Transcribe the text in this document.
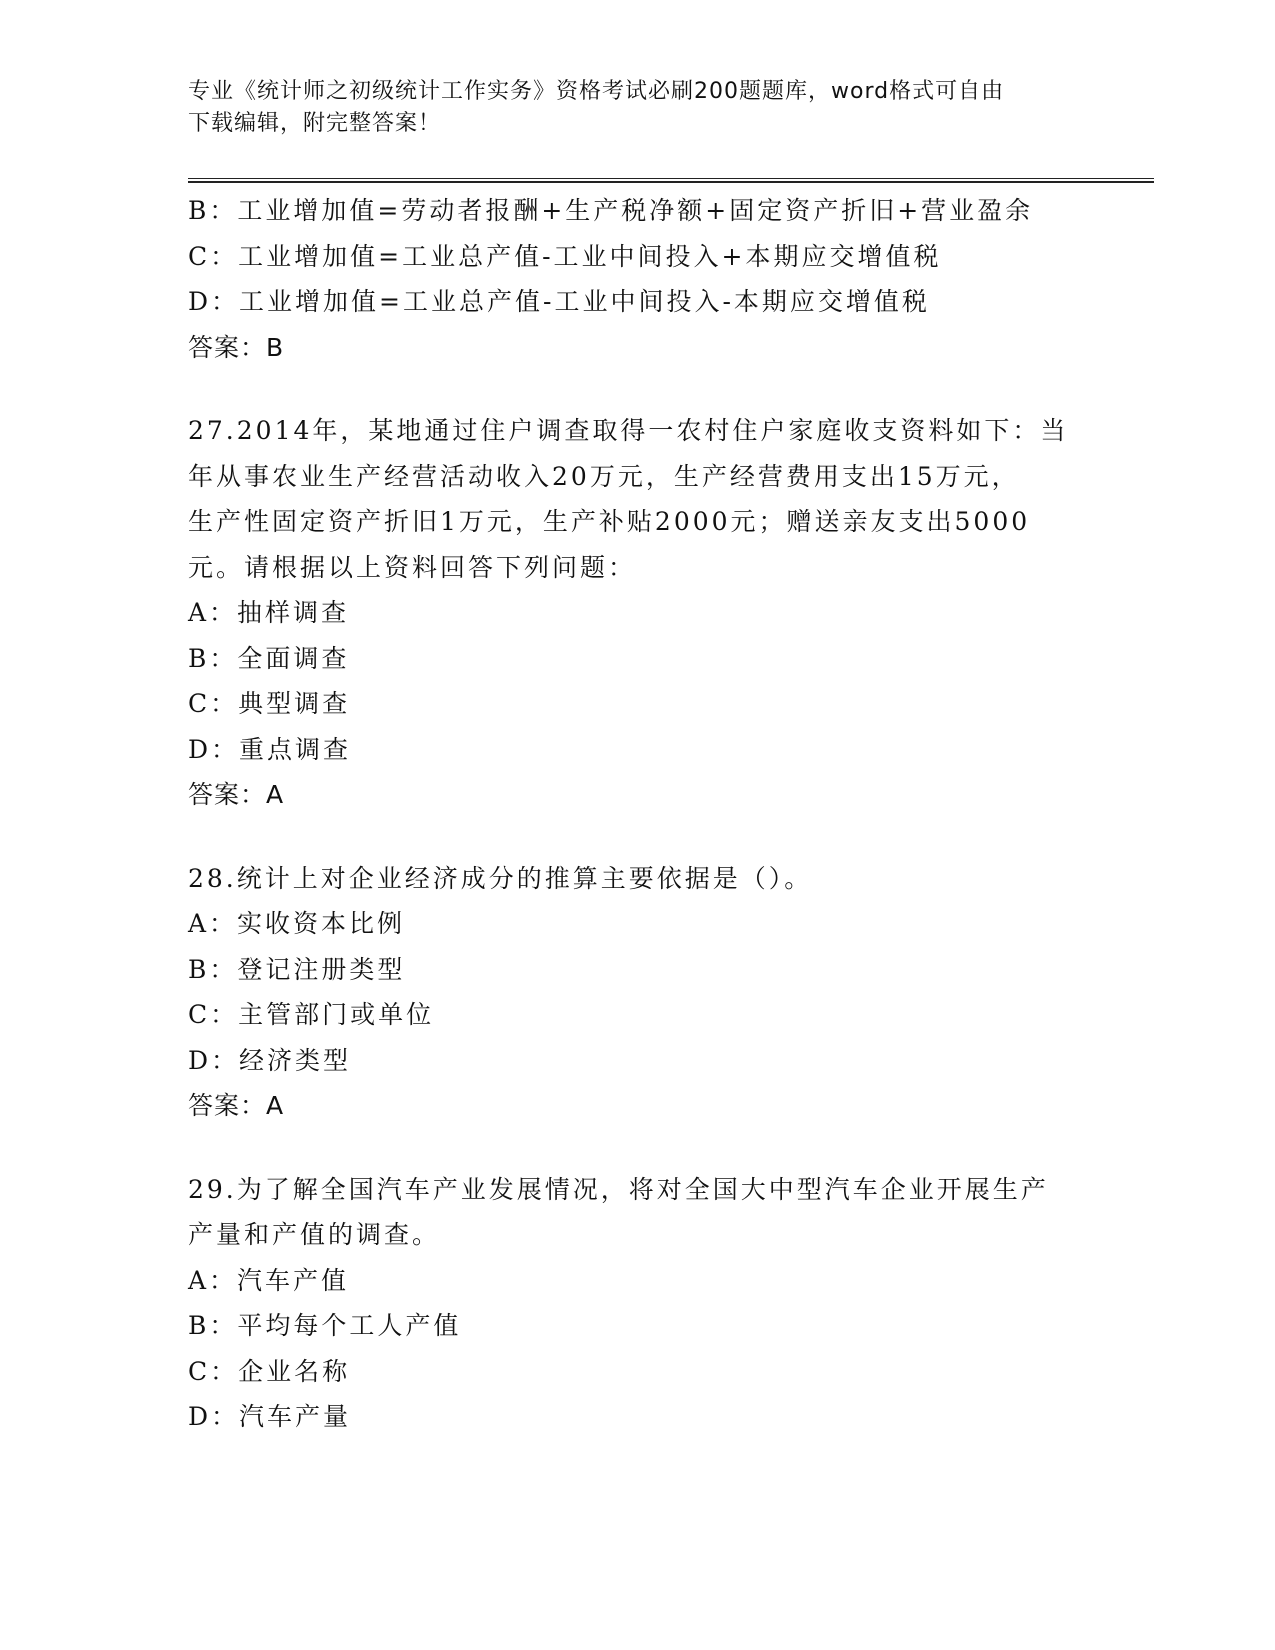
专业《统计师之初级统计工作实务》资格考试必刷200题题库，word格式可自由
下载编辑，附完整答案！
B：工业增加值=劳动者报酬+生产税净额+固定资产折旧+营业盈余
C：工业增加值=工业总产值-工业中间投入+本期应交增值税
D：工业增加值=工业总产值-工业中间投入-本期应交增值税
答案：B
27.2014年，某地通过住户调查取得一农村住户家庭收支资料如下：当
年从事农业生产经营活动收入20万元，生产经营费用支出15万元，
生产性固定资产折旧1万元，生产补贴2000元；赠送亲友支出5000
元。请根据以上资料回答下列问题：
A：抽样调查
B：全面调查
C：典型调查
D：重点调查
答案：A
28.统计上对企业经济成分的推算主要依据是（）。
A：实收资本比例
B：登记注册类型
C：主管部门或单位
D：经济类型
答案：A
29.为了解全国汽车产业发展情况，将对全国大中型汽车企业开展生产
产量和产值的调查。
A：汽车产值
B：平均每个工人产值
C：企业名称
D：汽车产量
